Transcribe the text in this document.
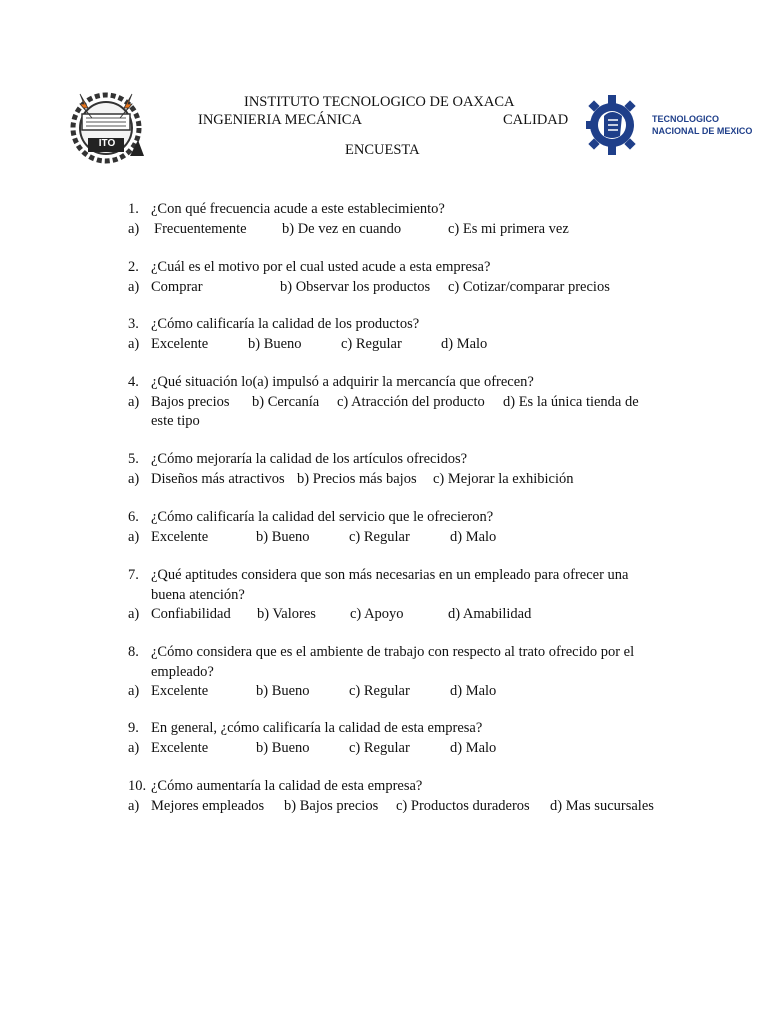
ITO
INSTITUTO TECNOLOGICO DE OAXACA
INGENIERIA MECÁNICA	CALIDAD
ENCUESTA
TECNOLOGICO
NACIONAL DE MEXICO
1. ¿Con qué frecuencia acude a este establecimiento?
a) Frecuentemente b) De vez en cuando	c) Es mi primera vez
2. ¿Cuál es el motivo por el cual usted acude a esta empresa?
a) Comprar	b) Observar los productos c) Cotizar/comparar precios
3. ¿Cómo calificaría la calidad de los productos?
a) Excelente	b) Bueno	c) Regular	d) Malo
4. ¿Qué situación lo(a) impulsó a adquirir la mercancía que ofrecen?
a) Bajos precios b) Cercanía c) Atracción del producto d) Es la única tienda de
este tipo
5. ¿Cómo mejoraría la calidad de los artículos ofrecidos?
a) Diseños más atractivos b) Precios más bajos c) Mejorar la exhibición
6. ¿Cómo calificaría la calidad del servicio que le ofrecieron?
a) Excelente	b) Bueno	c) Regular	d) Malo
7. ¿Qué aptitudes considera que son más necesarias en un empleado para ofrecer una
buena atención?
a) Confiabilidad b) Valores c) Apoyo	d) Amabilidad
8. ¿Cómo considera que es el ambiente de trabajo con respecto al trato ofrecido por el
empleado?
a) Excelente	b) Bueno	c) Regular	d) Malo
9. En general, ¿cómo calificaría la calidad de esta empresa?
a) Excelente	b) Bueno	c) Regular	d) Malo
10. ¿Cómo aumentaría la calidad de esta empresa?
a) Mejores empleados b) Bajos precios c) Productos duraderos d) Mas sucursales
